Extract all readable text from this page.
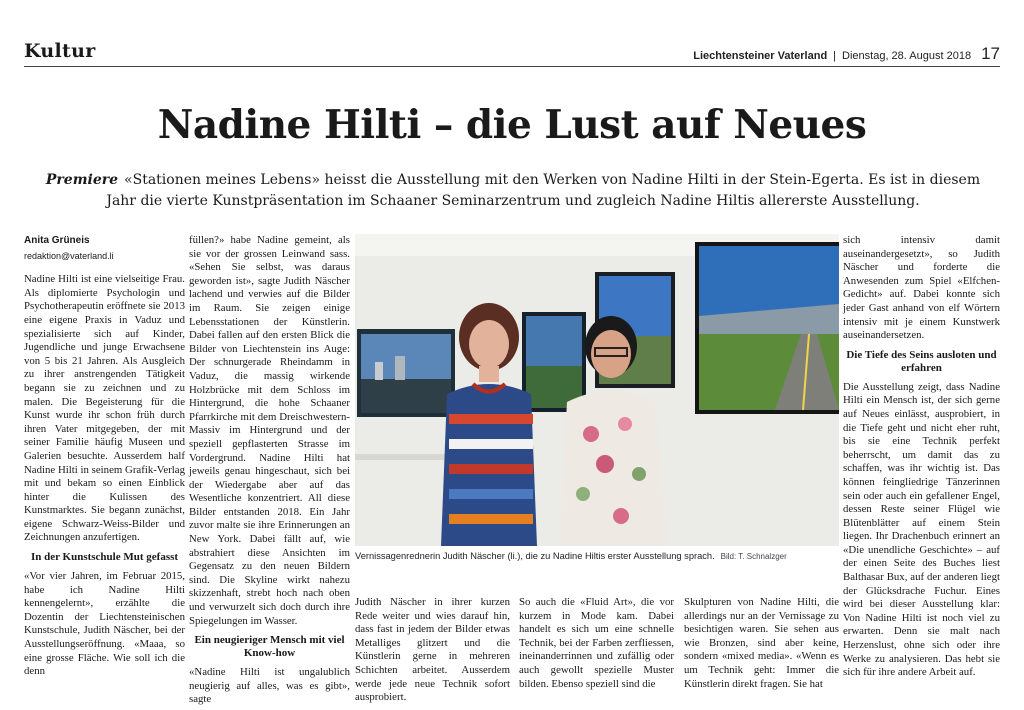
Kultur	Liechtensteiner Vaterland | Dienstag, 28. August 2018 17
Nadine Hilti – die Lust auf Neues
Premiere «Stationen meines Lebens» heisst die Ausstellung mit den Werken von Nadine Hilti in der Stein-Egerta. Es ist in diesem Jahr die vierte Kunstpräsentation im Schaaner Seminarzentrum und zugleich Nadine Hiltis allererste Ausstellung.
Anita Grüneis
redaktion@vaterland.li

Nadine Hilti ist eine vielseitige Frau. Als diplomierte Psychologin und Psychotherapeutin eröffnete sie 2013 eine eigene Praxis in Vaduz und spezialisierte sich auf Kinder, Jugendliche und junge Erwachsene von 5 bis 21 Jahren. Als Ausgleich zu ihrer anstrengenden Tätigkeit begann sie zu zeichnen und zu malen. Die Begeisterung für die Kunst wurde ihr schon früh durch ihren Vater mitgegeben, der mit seiner Familie häufig Museen und Galerien besuchte. Ausserdem half Nadine Hilti in seinem Grafik-Verlag mit und bekam so einen Einblick hinter die Kulissen des Kunstmarktes. Sie begann zunächst, eigene Schwarz-Weiss-Bilder und Zeichnungen anzufertigen.

In der Kunstschule Mut gefasst

«Vor vier Jahren, im Februar 2015, habe ich Nadine Hilti kennengelernt», erzählte die Dozentin der Liechtensteinischen Kunstschule, Judith Näscher, bei der Ausstellungseröffnung. «Maaa, so eine grosse Fläche. Wie soll ich die denn

füllen?» habe Nadine gemeint, als sie vor der grossen Leinwand sass. «Sehen Sie selbst, was daraus geworden ist», sagte Judith Näscher lachend und verwies auf die Bilder im Raum. Sie zeigen einige Lebensstationen der Künstlerin. Dabei fallen auf den ersten Blick die Bilder von Liechtenstein ins Auge: Der schnurgerade Rheindamm in Vaduz, die massig wirkende Holzbrücke mit dem Schloss im Hintergrund, die hohe Schaaner Pfarrkirche mit dem Dreischwestern-Massiv im Hintergrund und der speziell gepflasterten Strasse im Vordergrund. Nadine Hilti hat jeweils genau hingeschaut, sich bei der Wiedergabe aber auf das Wesentliche konzentriert. All diese Bilder entstanden 2018. Ein Jahr zuvor malte sie ihre Erinnerungen an New York. Dabei fällt auf, wie abstrahiert diese Ansichten im Gegensatz zu den neuen Bildern sind. Die Skyline wirkt nahezu skizzenhaft, strebt hoch nach oben und verwurzelt sich doch durch ihre Spiegelungen im Wasser.

Ein neugieriger Mensch mit viel Know-how

«Nadine Hilti ist ungalublich neugierig auf alles, was es gibt», sagte

Vernissagenrednerin Judith Näscher (li.), die zu Nadine Hiltis erster Ausstellung sprach. Bild: T. Schnalzger

Judith Näscher in ihrer kurzen Rede weiter und wies darauf hin, dass fast in jedem der Bilder etwas Metalliges glitzert und die Künstlerin gerne in mehreren Schichten arbeitet. Ausserdem werde jede neue Technik sofort ausprobiert.

So auch die «Fluid Art», die vor kurzem in Mode kam. Dabei handelt es sich um eine schnelle Technik, bei der Farben zerfliessen, ineinanderrinnen und zufällig oder auch gewollt spezielle Muster bilden. Ebenso speziell sind die

Skulpturen von Nadine Hilti, die allerdings nur an der Vernissage zu besichtigen waren. Sie sehen aus wie Bronzen, sind aber keine, sondern «mixed media». «Wenn es um Technik geht: Immer die Künstlerin direkt fragen. Sie hat

sich intensiv damit auseinandergesetzt», so Judith Näscher und forderte die Anwesenden zum Spiel «Elfchen-Gedicht» auf. Dabei konnte sich jeder Gast anhand von elf Wörtern intensiv mit je einem Kunstwerk auseinandersetzen.

Die Tiefe des Seins ausloten und erfahren

Die Ausstellung zeigt, dass Nadine Hilti ein Mensch ist, der sich gerne auf Neues einlässt, ausprobiert, in die Tiefe geht und nicht eher ruht, bis sie eine Technik perfekt beherrscht, um damit das zu schaffen, was ihr wichtig ist. Das können feingliedrige Tänzerinnen sein oder auch ein gefallener Engel, dessen Reste seiner Flügel wie Blütenblätter auf einem Stein liegen. Ihr Drachenbuch erinnert an «Die unendliche Geschichte» – auf der einen Seite des Buches liest Balthasar Bux, auf der anderen liegt der Glücksdrache Fuchur. Eines wird bei dieser Ausstellung klar: Von Nadine Hilti ist noch viel zu erwarten. Denn sie malt nach Herzenslust, ohne sich oder ihre Werke zu analysieren. Das hebt sie sich für ihre andere Arbeit auf.
